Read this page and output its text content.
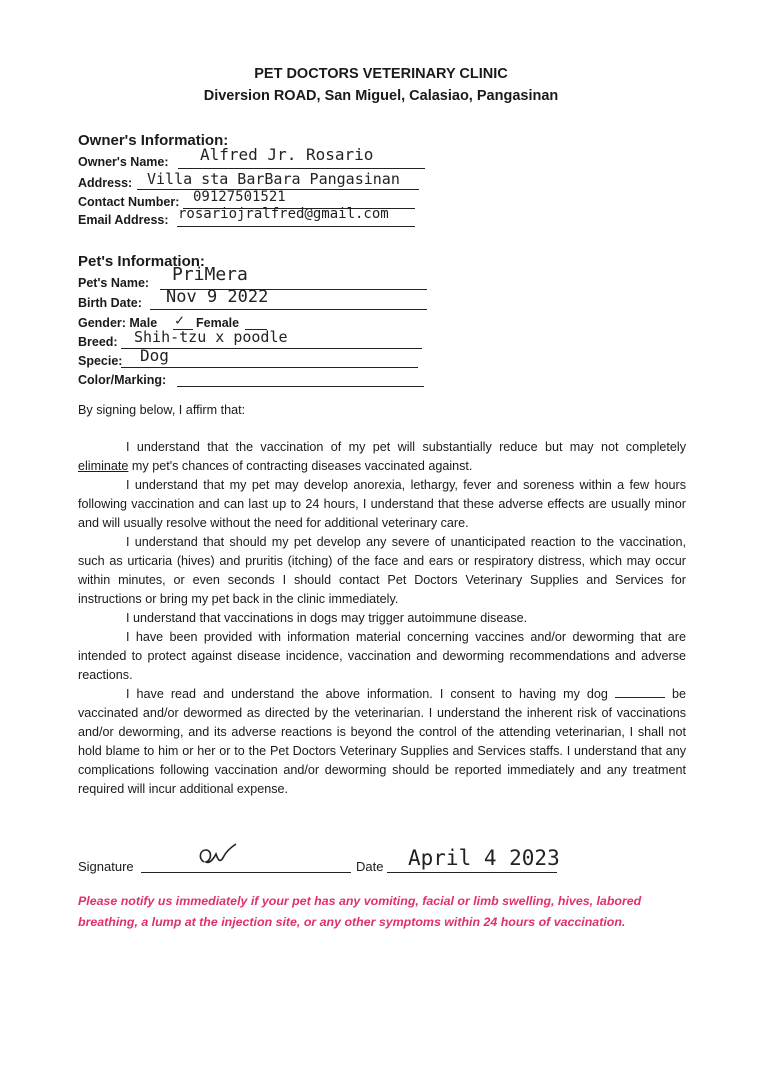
PET DOCTORS VETERINARY CLINIC
Diversion ROAD, San Miguel, Calasiao, Pangasinan
Owner's Information:
Owner's Name: Alfred Jr. Rosario
Address: Villa sta BarBara Pangasinan
Contact Number: 09127501521
Email Address: rosariojralfred@gmail.com
Pet's Information:
Pet's Name: PriMera
Birth Date: Nov 9 2022
Gender: Male ✓ Female
Breed: Shih-tzu x poodle
Specie: Dog
Color/Marking:
By signing below, I affirm that:

I understand that the vaccination of my pet will substantially reduce but may not completely eliminate my pet's chances of contracting diseases vaccinated against.

I understand that my pet may develop anorexia, lethargy, fever and soreness within a few hours following vaccination and can last up to 24 hours, I understand that these adverse effects are usually minor and will usually resolve without the need for additional veterinary care.

I understand that should my pet develop any severe of unanticipated reaction to the vaccination, such as urticaria (hives) and pruritis (itching) of the face and ears or respiratory distress, which may occur within minutes, or even seconds I should contact Pet Doctors Veterinary Supplies and Services for instructions or bring my pet back in the clinic immediately.

I understand that vaccinations in dogs may trigger autoimmune disease.

I have been provided with information material concerning vaccines and/or deworming that are intended to protect against disease incidence, vaccination and deworming recommendations and adverse reactions.

I have read and understand the above information. I consent to having my dog	be vaccinated and/or dewormed as directed by the veterinarian. I understand the inherent risk of vaccinations and/or deworming, and its adverse reactions is beyond the control of the attending veterinarian, I shall not hold blame to him or her or to the Pet Doctors Veterinary Supplies and Services staffs. I understand that any complications following vaccination and/or deworming should be reported immediately and any treatment required will incur additional expense.

Signature	Date April 4 2023
Please notify us immediately if your pet has any vomiting, facial or limb swelling, hives, labored breathing, a lump at the injection site, or any other symptoms within 24 hours of vaccination.
